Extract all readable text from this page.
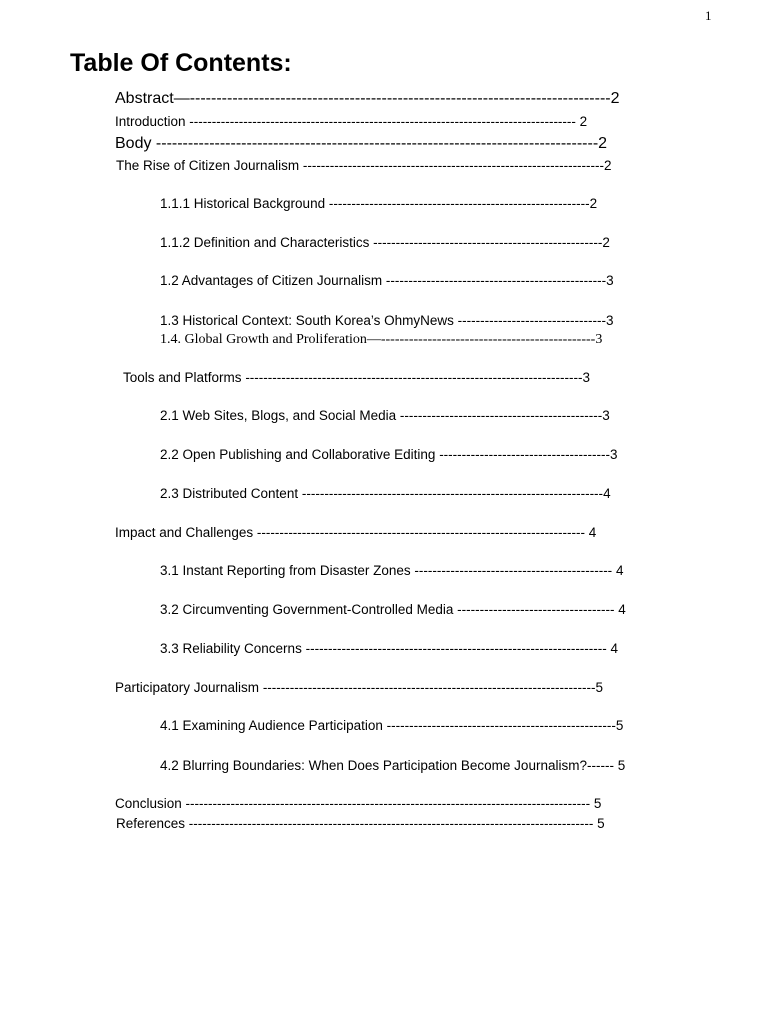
1
Table Of Contents:
Abstract—-------------------------------------------------------------------------------2
Introduction -------------------------------------------------------------------------------------- 2
Body -----------------------------------------------------------------------------------2
The Rise of Citizen Journalism -------------------------------------------------------------------2
1.1.1 Historical Background ----------------------------------------------------------2
1.1.2 Definition and Characteristics ---------------------------------------------------2
1.2 Advantages of Citizen Journalism -------------------------------------------------3
1.3 Historical Context: South Korea’s OhmyNews ---------------------------------3
1.4. Global Growth and Proliferation—----------------------------------------------3
Tools and Platforms ---------------------------------------------------------------------------3
2.1 Web Sites, Blogs, and Social Media ---------------------------------------------3
2.2 Open Publishing and Collaborative Editing --------------------------------------3
2.3 Distributed Content -------------------------------------------------------------------4
Impact and Challenges ------------------------------------------------------------------------- 4
3.1 Instant Reporting from Disaster Zones -------------------------------------------- 4
3.2 Circumventing Government-Controlled Media ----------------------------------- 4
3.3 Reliability Concerns ------------------------------------------------------------------- 4
Participatory Journalism --------------------------------------------------------------------------5
4.1 Examining Audience Participation ---------------------------------------------------5
4.2 Blurring Boundaries: When Does Participation Become Journalism?------ 5
Conclusion ------------------------------------------------------------------------------------------ 5
References ------------------------------------------------------------------------------------------ 5
